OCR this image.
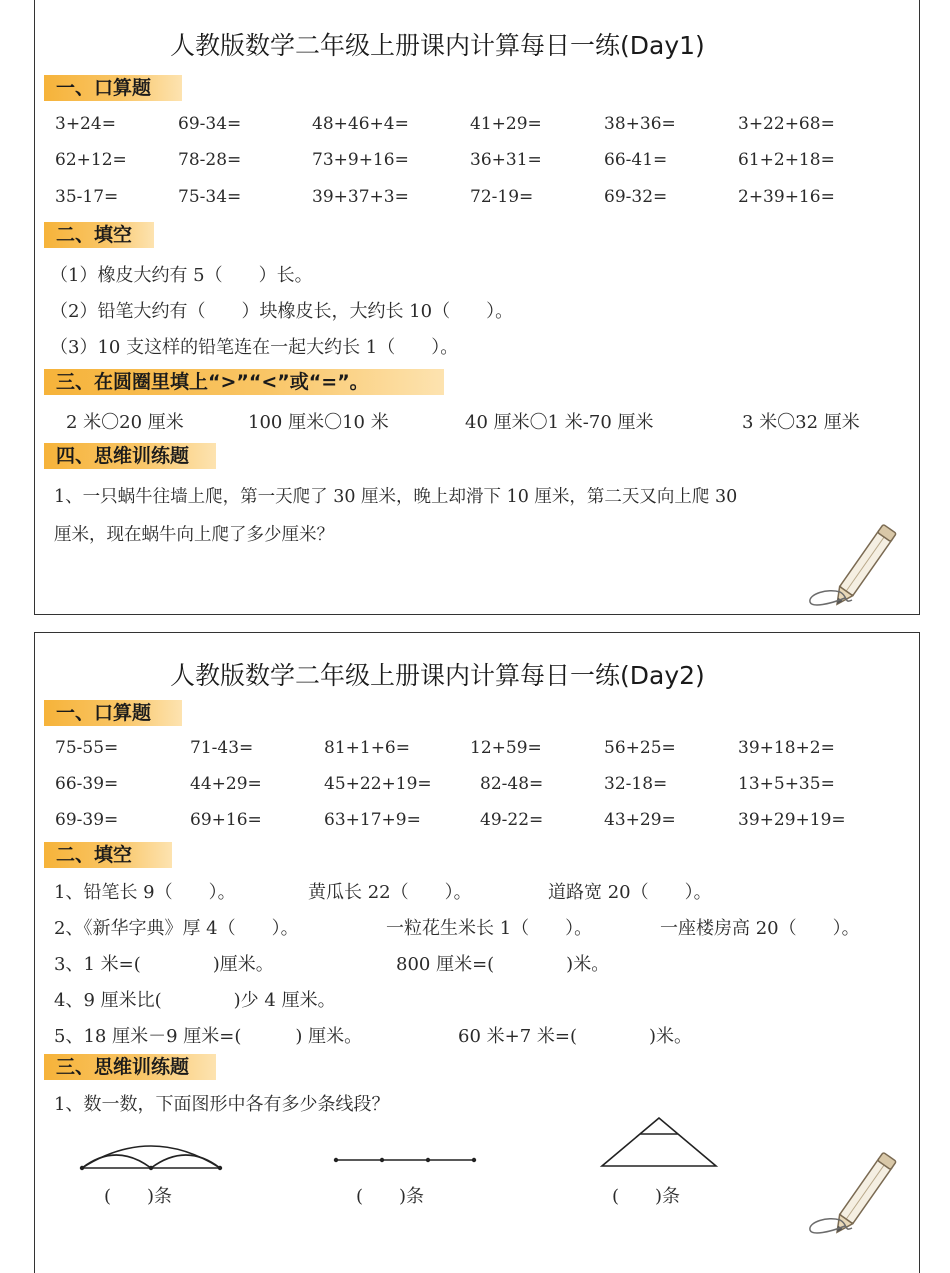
人教版数学二年级上册课内计算每日一练(Day1)
一、口算题
3+24=	69-34=	48+46+4=	41+29=	38+36=	3+22+68=
62+12=	78-28=	73+9+16=	36+31=	66-41=	61+2+18=
35-17=	75-34=	39+37+3=	72-19=	69-32=	2+39+16=
二、填空
（1）橡皮大约有 5（　　）长。
（2）铅笔大约有（　　）块橡皮长，大约长 10（　　）。
（3）10 支这样的铅笔连在一起大约长 1（　　）。
三、在圆圈里填上“>”“<”或“=”。
2 米〇20 厘米	100 厘米〇10 米	40 厘米〇1 米-70 厘米	3 米〇32 厘米
四、思维训练题
1、一只蜗牛往墙上爬，第一天爬了 30 厘米，晚上却滑下 10 厘米，第二天又向上爬 30
厘米，现在蜗牛向上爬了多少厘米？
人教版数学二年级上册课内计算每日一练(Day2)
一、口算题
75-55=	71-43=	81+1+6=	12+59=	56+25=	39+18+2=
66-39=	44+29=	45+22+19=	82-48=	32-18=	13+5+35=
69-39=	69+16=	63+17+9=	49-22=	43+29=	39+29+19=
二、填空
1、铅笔长 9（　　）。	黄瓜长 22（　　）。	道路宽 20（　　）。
2、《新华字典》厚 4（　　）。	一粒花生米长 1（　　）。	一座楼房高 20（　　）。
3、1 米=(　　　　)厘米。	800 厘米=(　　　　)米。
4、9 厘米比(　　　　)少 4 厘米。
5、18 厘米－9 厘米=(　　　) 厘米。	60 米+7 米=(　　　　)米。
三、思维训练题
1、数一数，下面图形中各有多少条线段？
(　　)条	(　　)条	(　　)条
